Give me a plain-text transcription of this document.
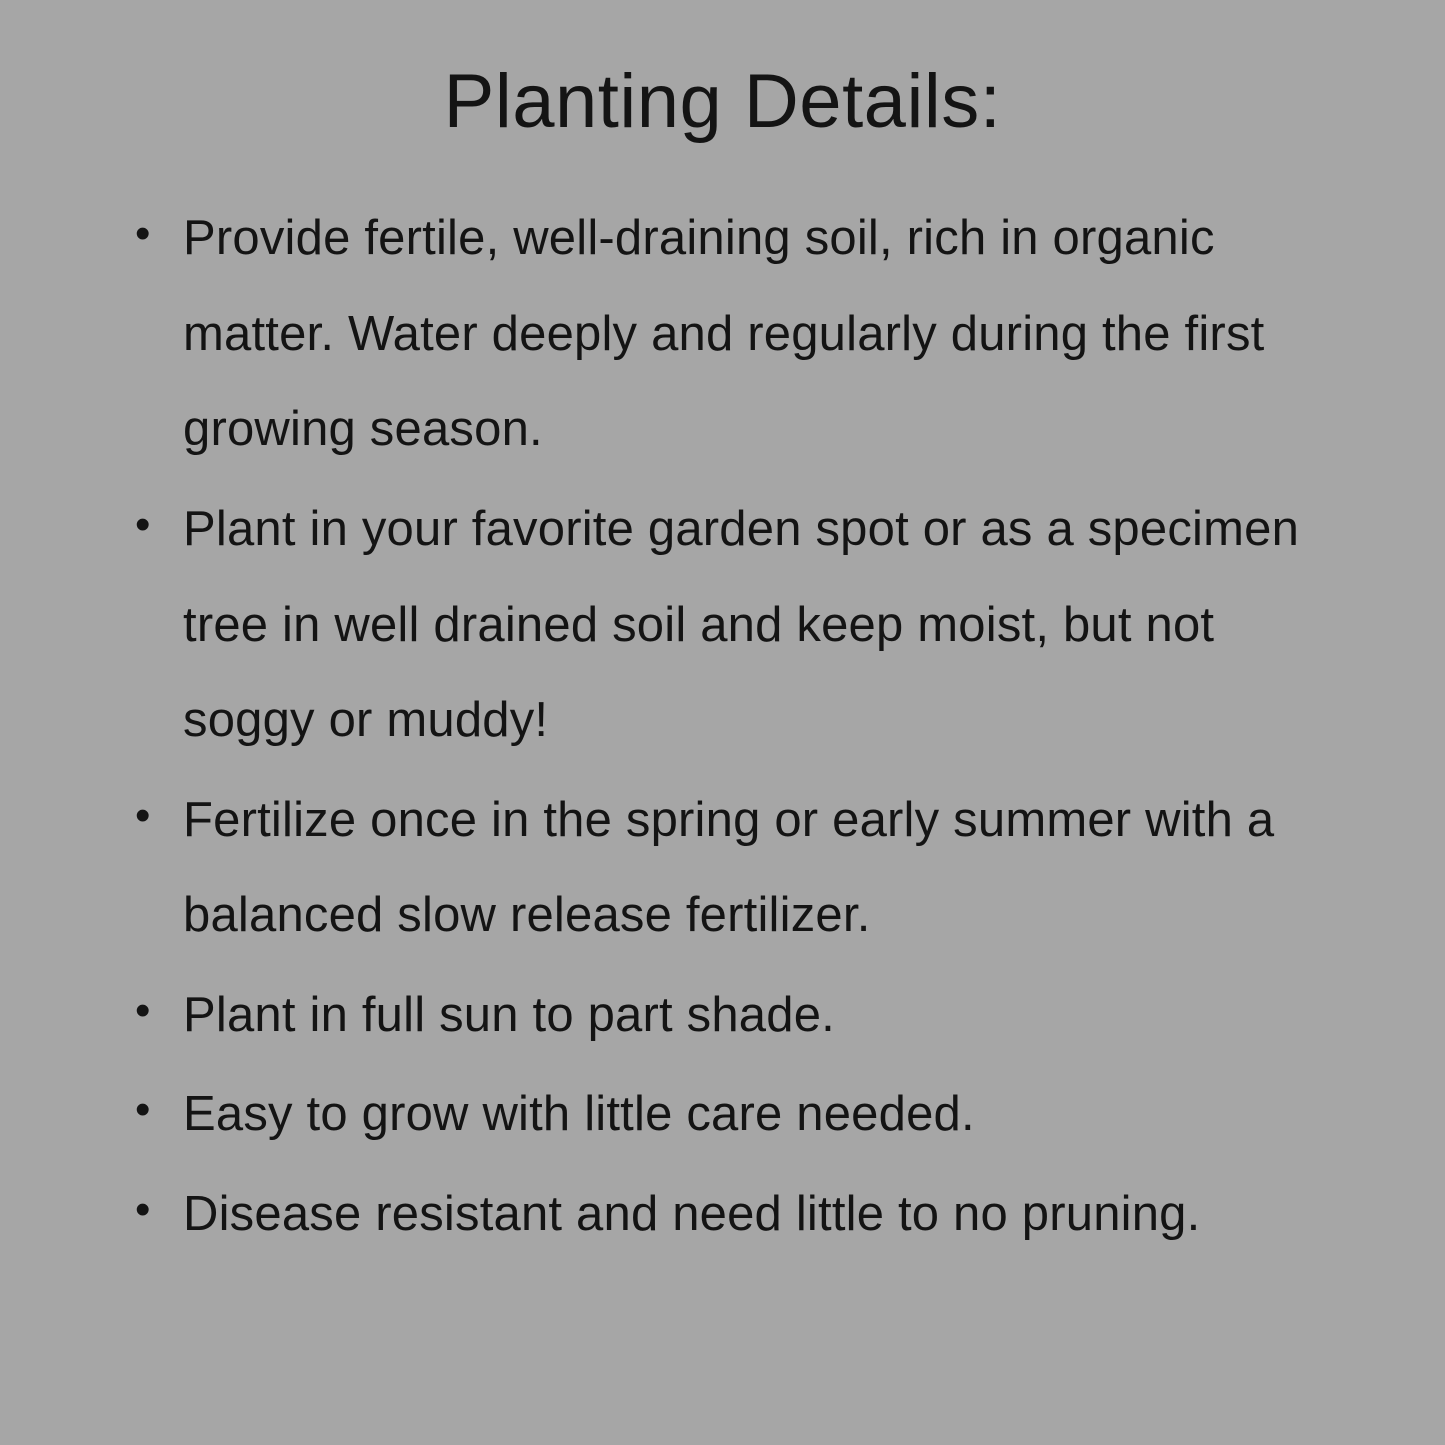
Planting Details:
• Provide fertile, well-draining soil, rich in organic matter. Water deeply and regularly during the first growing season.
• Plant in your favorite garden spot or as a specimen tree in well drained soil and keep moist, but not soggy or muddy!
• Fertilize once in the spring or early summer with a balanced slow release fertilizer.
• Plant in full sun to part shade.
• Easy to grow with little care needed.
• Disease resistant and need little to no pruning.
